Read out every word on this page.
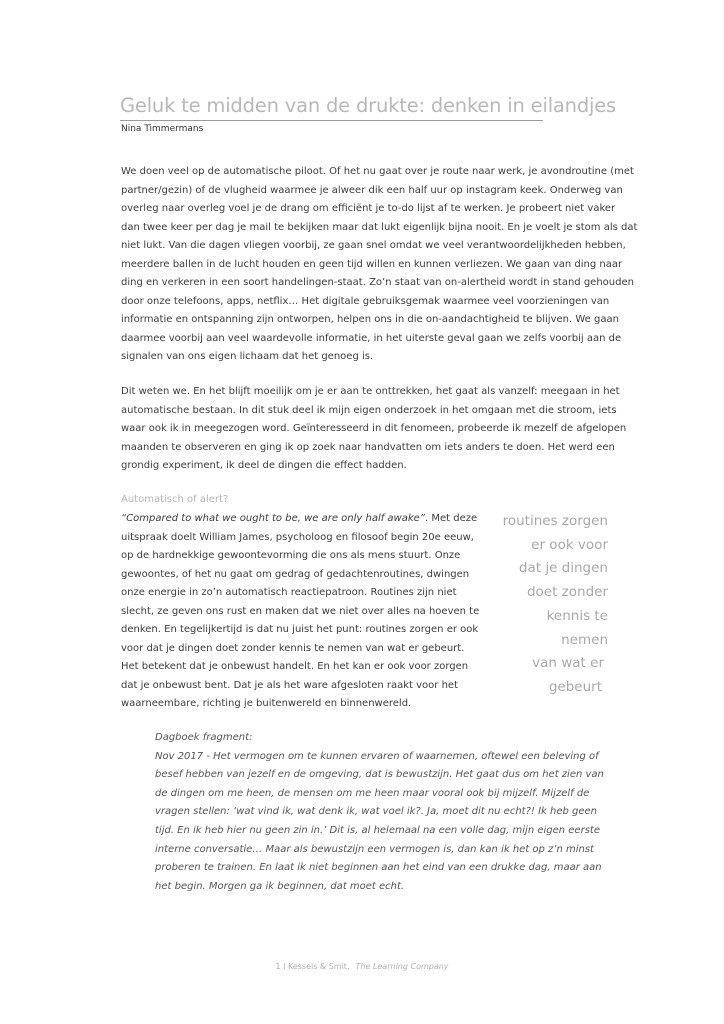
Geluk te midden van de drukte: denken in eilandjes
Nina Timmermans
We doen veel op de automatische piloot. Of het nu gaat over je route naar werk, je avondroutine (met
partner/gezin) of de vlugheid waarmee je alweer dik een half uur op instagram keek. Onderweg van
overleg naar overleg voel je de drang om efficiënt je to-do lijst af te werken. Je probeert niet vaker
dan twee keer per dag je mail te bekijken maar dat lukt eigenlijk bijna nooit. En je voelt je stom als dat
niet lukt. Van die dagen vliegen voorbij, ze gaan snel omdat we veel verantwoordelijkheden hebben,
meerdere ballen in de lucht houden en geen tijd willen en kunnen verliezen. We gaan van ding naar
ding en verkeren in een soort handelingen-staat. Zo’n staat van on-alertheid wordt in stand gehouden
door onze telefoons, apps, netflix… Het digitale gebruiksgemak waarmee veel voorzieningen van
informatie en ontspanning zijn ontworpen, helpen ons in die on-aandachtigheid te blijven. We gaan
daarmee voorbij aan veel waardevolle informatie, in het uiterste geval gaan we zelfs voorbij aan de
signalen van ons eigen lichaam dat het genoeg is.
Dit weten we. En het blijft moeilijk om je er aan te onttrekken, het gaat als vanzelf: meegaan in het
automatische bestaan. In dit stuk deel ik mijn eigen onderzoek in het omgaan met die stroom, iets
waar ook ik in meegezogen word. Geïnteresseerd in dit fenomeen, probeerde ik mezelf de afgelopen
maanden te observeren en ging ik op zoek naar handvatten om iets anders te doen. Het werd een
grondig experiment, ik deel de dingen die effect hadden.
Automatisch of alert?
“Compared to what we ought to be, we are only half awake”. Met deze
uitspraak doelt William James, psycholoog en filosoof begin 20e eeuw,
op de hardnekkige gewoontevorming die ons als mens stuurt. Onze
gewoontes, of het nu gaat om gedrag of gedachtenroutines, dwingen
onze energie in zo’n automatisch reactiepatroon. Routines zijn niet
slecht, ze geven ons rust en maken dat we niet over alles na hoeven te
denken. En tegelijkertijd is dat nu juist het punt: routines zorgen er ook
voor dat je dingen doet zonder kennis te nemen van wat er gebeurt.
Het betekent dat je onbewust handelt. En het kan er ook voor zorgen
dat je onbewust bent. Dat je als het ware afgesloten raakt voor het
waarneembare, richting je buitenwereld en binnenwereld.
routines zorgen
er ook voor
dat je dingen
doet zonder
kennis te
nemen
van wat er
gebeurt
Dagboek fragment:
Nov 2017 - Het vermogen om te kunnen ervaren of waarnemen, oftewel een beleving of
besef hebben van jezelf en de omgeving, dat is bewustzijn. Het gaat dus om het zien van
de dingen om me heen, de mensen om me heen maar vooral ook bij mijzelf. Mijzelf de
vragen stellen: ‘wat vind ik, wat denk ik, wat voel ik?. Ja, moet dit nu echt?! Ik heb geen
tijd. En ik heb hier nu geen zin in.’ Dit is, al helemaal na een volle dag, mijn eigen eerste
interne conversatie… Maar als bewustzijn een vermogen is, dan kan ik het op z’n minst
proberen te trainen. En laat ik niet beginnen aan het eind van een drukke dag, maar aan
het begin. Morgen ga ik beginnen, dat moet echt.
1 I Kessels & Smit, The Learning Company
